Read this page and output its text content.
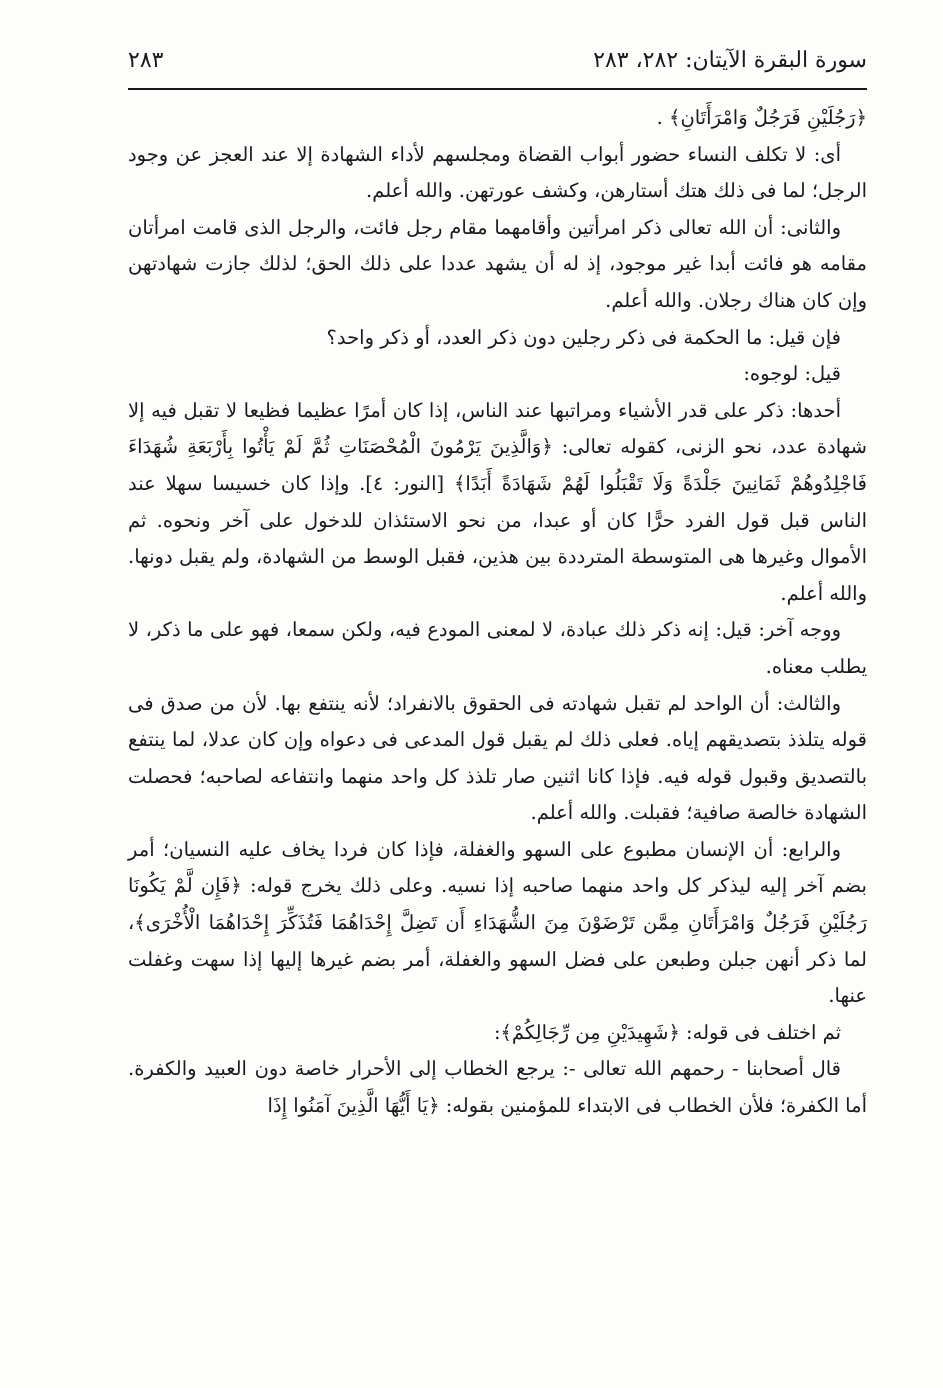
سورة البقرة الآيتان: ٢٨٢، ٢٨٣
٢٨٣

﴿رَجُلَيْنِ فَرَجُلٌ وَامْرَأَتَانِ﴾ .

أى: لا تكلف النساء حضور أبواب القضاة ومجلسهم لأداء الشهادة إلا عند العجز عن وجود الرجل؛ لما فى ذلك هتك أستارهن، وكشف عورتهن. والله أعلم.

والثانى: أن الله تعالى ذكر امرأتين وأقامهما مقام رجل فائت، والرجل الذى قامت امرأتان مقامه هو فائت أبدا غير موجود، إذ له أن يشهد عددا على ذلك الحق؛ لذلك جازت شهادتهن وإن كان هناك رجلان. والله أعلم.

فإن قيل: ما الحكمة فى ذكر رجلين دون ذكر العدد، أو ذكر واحد؟

قيل: لوجوه:

أحدها: ذكر على قدر الأشياء ومراتبها عند الناس، إذا كان أمرًا عظيما فظيعا لا تقبل فيه إلا شهادة عدد، نحو الزنى، كقوله تعالى: ﴿وَالَّذِينَ يَرْمُونَ الْمُحْصَنَاتِ ثُمَّ لَمْ يَأْتُوا بِأَرْبَعَةِ شُهَدَاءَ فَاجْلِدُوهُمْ ثَمَانِينَ جَلْدَةً وَلَا تَقْبَلُوا لَهُمْ شَهَادَةً أَبَدًا﴾ [النور: ٤]. وإذا كان خسيسا سهلا عند الناس قبل قول الفرد حرًّا كان أو عبدا، من نحو الاستئذان للدخول على آخر ونحوه. ثم الأموال وغيرها هى المتوسطة المترددة بين هذين، فقبل الوسط من الشهادة، ولم يقبل دونها. والله أعلم.

ووجه آخر: قيل: إنه ذكر ذلك عبادة، لا لمعنى المودع فيه، ولكن سمعا، فهو على ما ذكر، لا يطلب معناه.

والثالث: أن الواحد لم تقبل شهادته فى الحقوق بالانفراد؛ لأنه ينتفع بها. لأن من صدق فى قوله يتلذذ بتصديقهم إياه. فعلى ذلك لم يقبل قول المدعى فى دعواه وإن كان عدلا، لما ينتفع بالتصديق وقبول قوله فيه. فإذا كانا اثنين صار تلذذ كل واحد منهما وانتفاعه لصاحبه؛ فحصلت الشهادة خالصة صافية؛ فقبلت. والله أعلم.

والرابع: أن الإنسان مطبوع على السهو والغفلة، فإذا كان فردا يخاف عليه النسيان؛ أمر بضم آخر إليه ليذكر كل واحد منهما صاحبه إذا نسيه. وعلى ذلك يخرج قوله: ﴿فَإِن لَّمْ يَكُونَا رَجُلَيْنِ فَرَجُلٌ وَامْرَأَتَانِ مِمَّن تَرْضَوْنَ مِنَ الشُّهَدَاءِ أَن تَضِلَّ إِحْدَاهُمَا فَتُذَكِّرَ إِحْدَاهُمَا الْأُخْرَى﴾، لما ذكر أنهن جبلن وطبعن على فضل السهو والغفلة، أمر بضم غيرها إليها إذا سهت وغفلت عنها.

ثم اختلف فى قوله: ﴿شَهِيدَيْنِ مِن رِّجَالِكُمْ﴾:

قال أصحابنا - رحمهم الله تعالى -: يرجع الخطاب إلى الأحرار خاصة دون العبيد والكفرة. أما الكفرة؛ فلأن الخطاب فى الابتداء للمؤمنين بقوله: ﴿يَا أَيُّهَا الَّذِينَ آمَنُوا إِذَا
